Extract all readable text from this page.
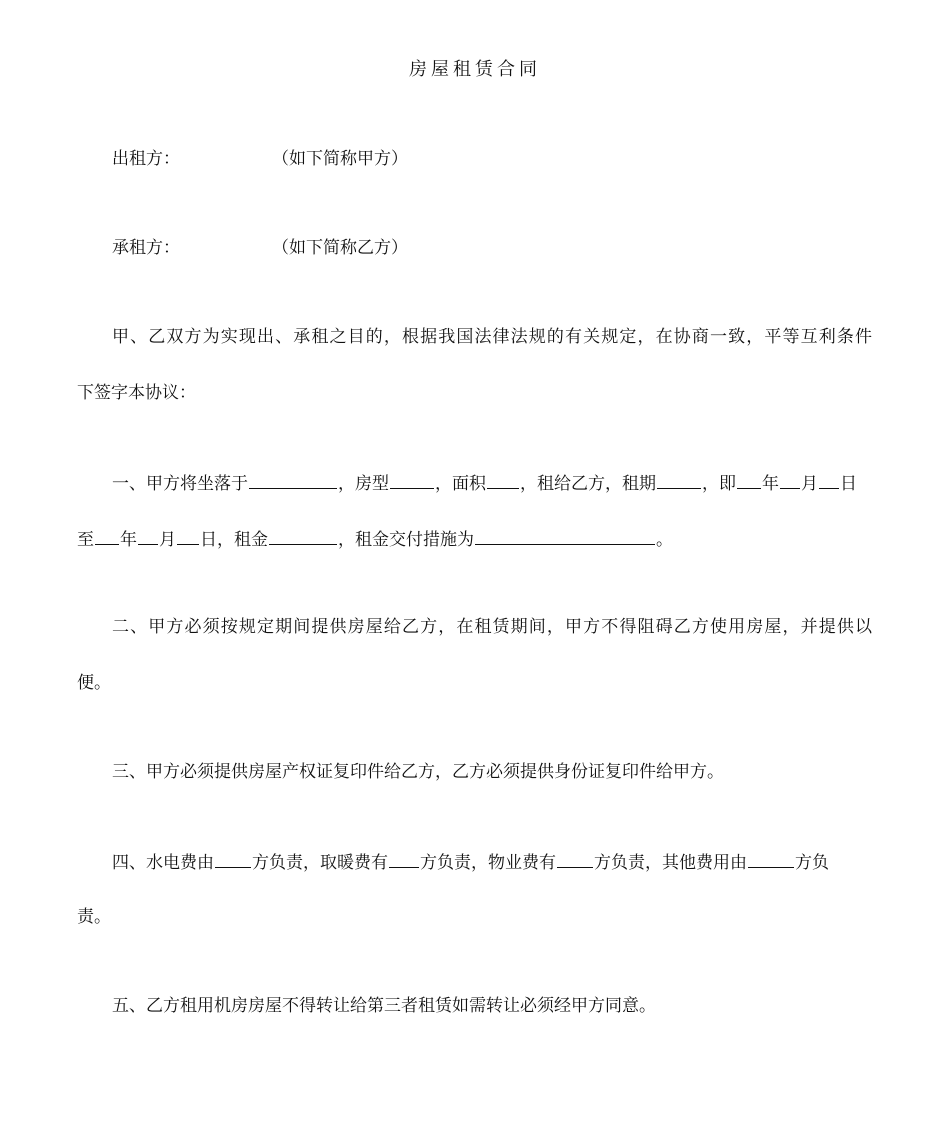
房屋租赁合同
出租方：	（如下简称甲方）
承租方：	（如下简称乙方）
甲、乙双方为实现出、承租之目的，根据我国法律法规的有关规定，在协商一致，平等互利条件
下签字本协议：
一、甲方将坐落于	，房型	，面积 ，租给乙方，租期	，即 年 月 日
至 年 月 日，租金	，租金交付措施为	。
二、甲方必须按规定期间提供房屋给乙方，在租赁期间，甲方不得阻碍乙方使用房屋，并提供以
便。
三、甲方必须提供房屋产权证复印件给乙方，乙方必须提供身份证复印件给甲方。
四、水电费由 方负责，取暖费有 方负责，物业费有 方负责，其他费用由	方负
责。
五、乙方租用机房房屋不得转让给第三者租赁如需转让必须经甲方同意。
